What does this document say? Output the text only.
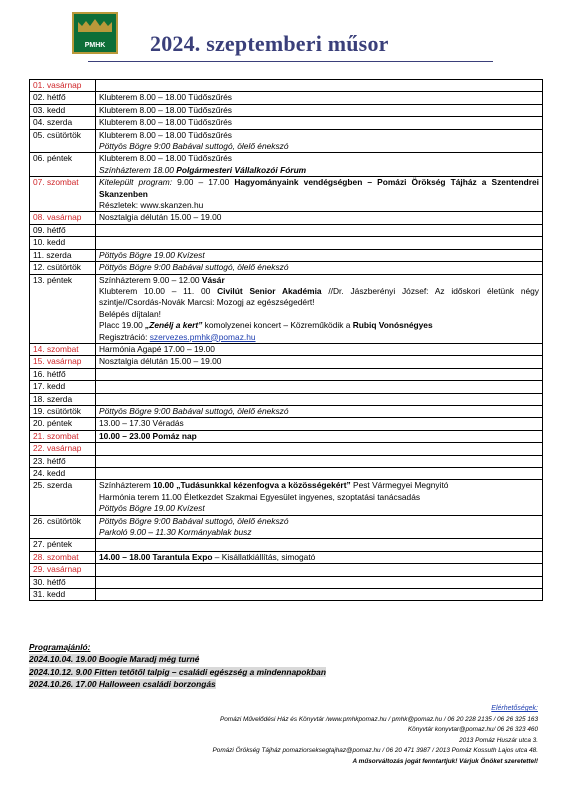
PMHK 2024. szeptemberi műsor
01. vasárnap	

02. hétfő	Klubterem 8.00 – 18.00 Tüdőszűrés

03. kedd	Klubterem 8.00 – 18.00 Tüdőszűrés

04. szerda	Klubterem 8.00 – 18.00 Tüdőszűrés

05. csütörtök	Klubterem 8.00 – 18.00 Tüdőszűrés
Pöttyös Bögre 9:00 Babával suttogó, ölelő énekszó

06. péntek	Klubterem 8.00 – 18.00 Tüdőszűrés
Színházterem 18.00 Polgármesteri Vállalkozói Fórum

07. szombat	Kitelepült program: 9.00 – 17.00 Hagyományaink vendégségben – Pomázi Örökség Tájház a Szentendrei Skanzenben
Részletek: www.skanzen.hu

08. vasárnap	Nosztalgia délután 15.00 – 19.00

09. hétfő	

10. kedd	

11. szerda	Pöttyös Bögre 19.00 Kvízest

12. csütörtök	Pöttyös Bögre 9:00 Babával suttogó, ölelő énekszó

13. péntek	Színházterem 9.00 – 12.00 Vásár
Klubterem 10.00 – 11. 00 Civilút Senior Akadémia //Dr. Jászberényi József: Az időskori életünk négy szintje//Csordás-Novák Marcsi: Mozogj az egészségedért!
Belépés díjtalan!
Placc 19.00 „Zenélj a kert” komolyzenei koncert – Közreműködik a Rubiq Vonósnégyes
Regisztráció: szervezes.pmhk@pomaz.hu

14. szombat	Harmónia Agapé 17.00 – 19.00

15. vasárnap	Nosztalgia délután 15.00 – 19.00

16. hétfő	

17. kedd	

18. szerda	

19. csütörtök	Pöttyös Bögre 9:00 Babával suttogó, ölelő énekszó

20. péntek	13.00 – 17.30 Véradás

21. szombat	10.00 – 23.00 Pomáz nap

22. vasárnap	

23. hétfő	

24. kedd	

25. szerda	Színházterem 10.00 „Tudásunkkal kézenfogva a közösségekért” Pest Vármegyei Megnyitó
Harmónia terem 11.00 Életkezdet Szakmai Egyesület ingyenes, szoptatási tanácsadás
Pöttyös Bögre 19.00 Kvízest

26. csütörtök	Pöttyös Bögre 9:00 Babával suttogó, ölelő énekszó
Parkoló 9.00 – 11.30 Kormányablak busz

27. péntek	

28. szombat	14.00 – 18.00 Tarantula Expo – Kisállatkiállítás, simogató

29. vasárnap	

30. hétfő	

31. kedd	

Programajánló:
2024.10.04. 19.00 Boogie Maradj még turné
2024.10.12. 9.00 Fitten tetőtől talpig – családi egészség a mindennapokban
2024.10.26. 17.00 Halloween családi borzongás
Elérhetőségek:
Pomázi Művelődési Ház és Könyvtár /www.pmhkpomaz.hu / pmhk@pomaz.hu / 06 20 228 2135 / 06 26 325 163
Könyvtár konyvtar@pomaz.hu/ 06 26 323 460
2013 Pomáz Huszár utca 3.
Pomázi Örökség Tájház pomaziorseksegtajhaz@pomaz.hu / 06 20 471 3987 / 2013 Pomáz Kossuth Lajos utca 48.
A műsorváltozás jogát fenntartjuk! Várjuk Önöket szeretettel!
